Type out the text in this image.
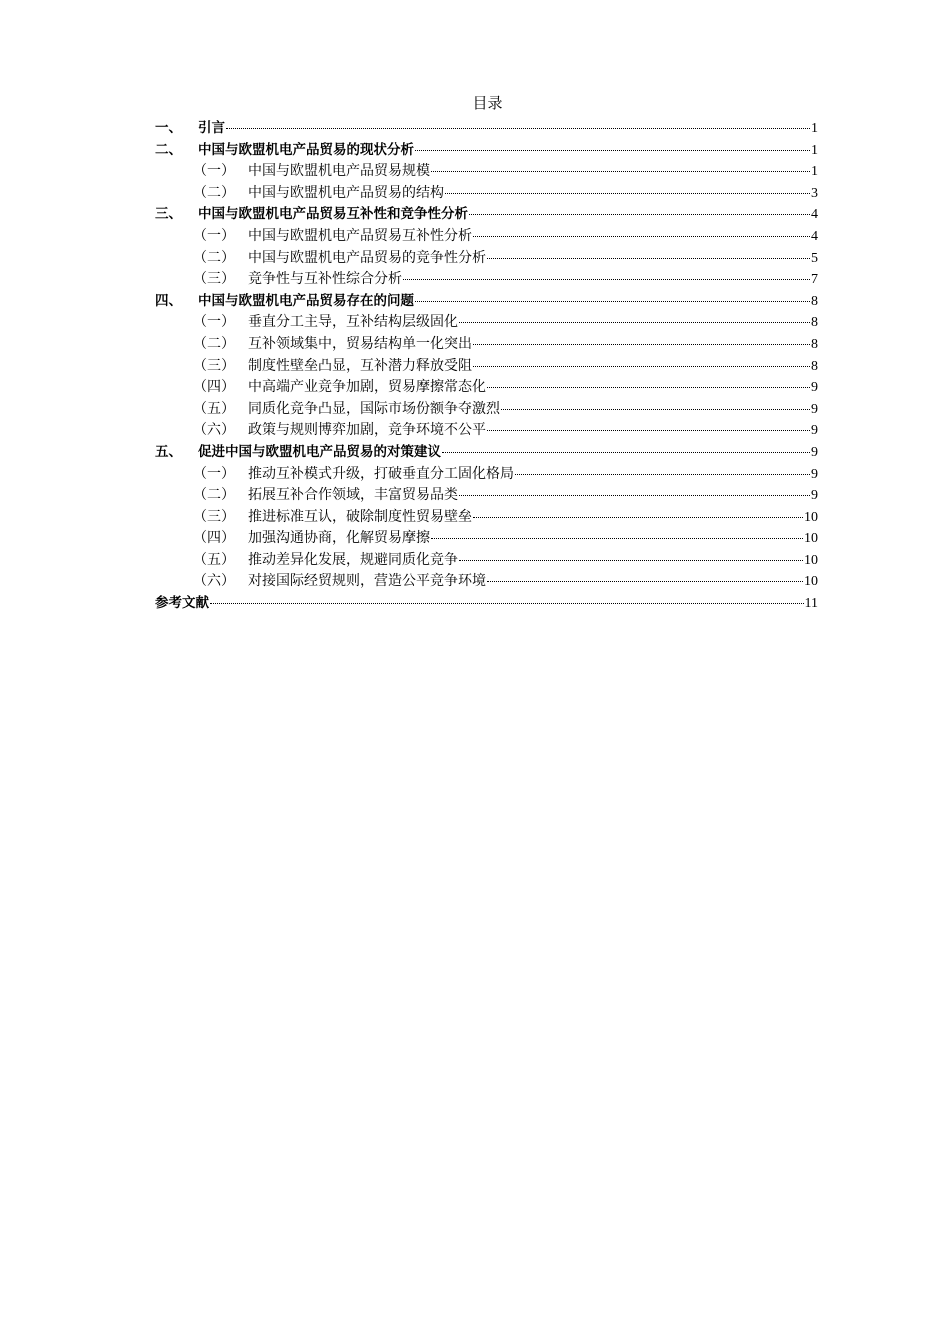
目录
一、	引言	1
二、	中国与欧盟机电产品贸易的现状分析	1
（一） 中国与欧盟机电产品贸易规模	1
（二） 中国与欧盟机电产品贸易的结构	3
三、	中国与欧盟机电产品贸易互补性和竞争性分析	4
（一） 中国与欧盟机电产品贸易互补性分析	4
（二） 中国与欧盟机电产品贸易的竞争性分析	5
（三） 竞争性与互补性综合分析	7
四、	中国与欧盟机电产品贸易存在的问题	8
（一） 垂直分工主导，互补结构层级固化	8
（二） 互补领域集中，贸易结构单一化突出	8
（三） 制度性壁垒凸显，互补潜力释放受阻	8
（四） 中高端产业竞争加剧，贸易摩擦常态化	9
（五） 同质化竞争凸显，国际市场份额争夺激烈	9
（六） 政策与规则博弈加剧，竞争环境不公平	9
五、	促进中国与欧盟机电产品贸易的对策建议	9
（一） 推动互补模式升级，打破垂直分工固化格局	9
（二） 拓展互补合作领域，丰富贸易品类	9
（三） 推进标准互认，破除制度性贸易壁垒	10
（四） 加强沟通协商，化解贸易摩擦	10
（五） 推动差异化发展，规避同质化竞争	10
（六） 对接国际经贸规则，营造公平竞争环境	10
参考文献	11
